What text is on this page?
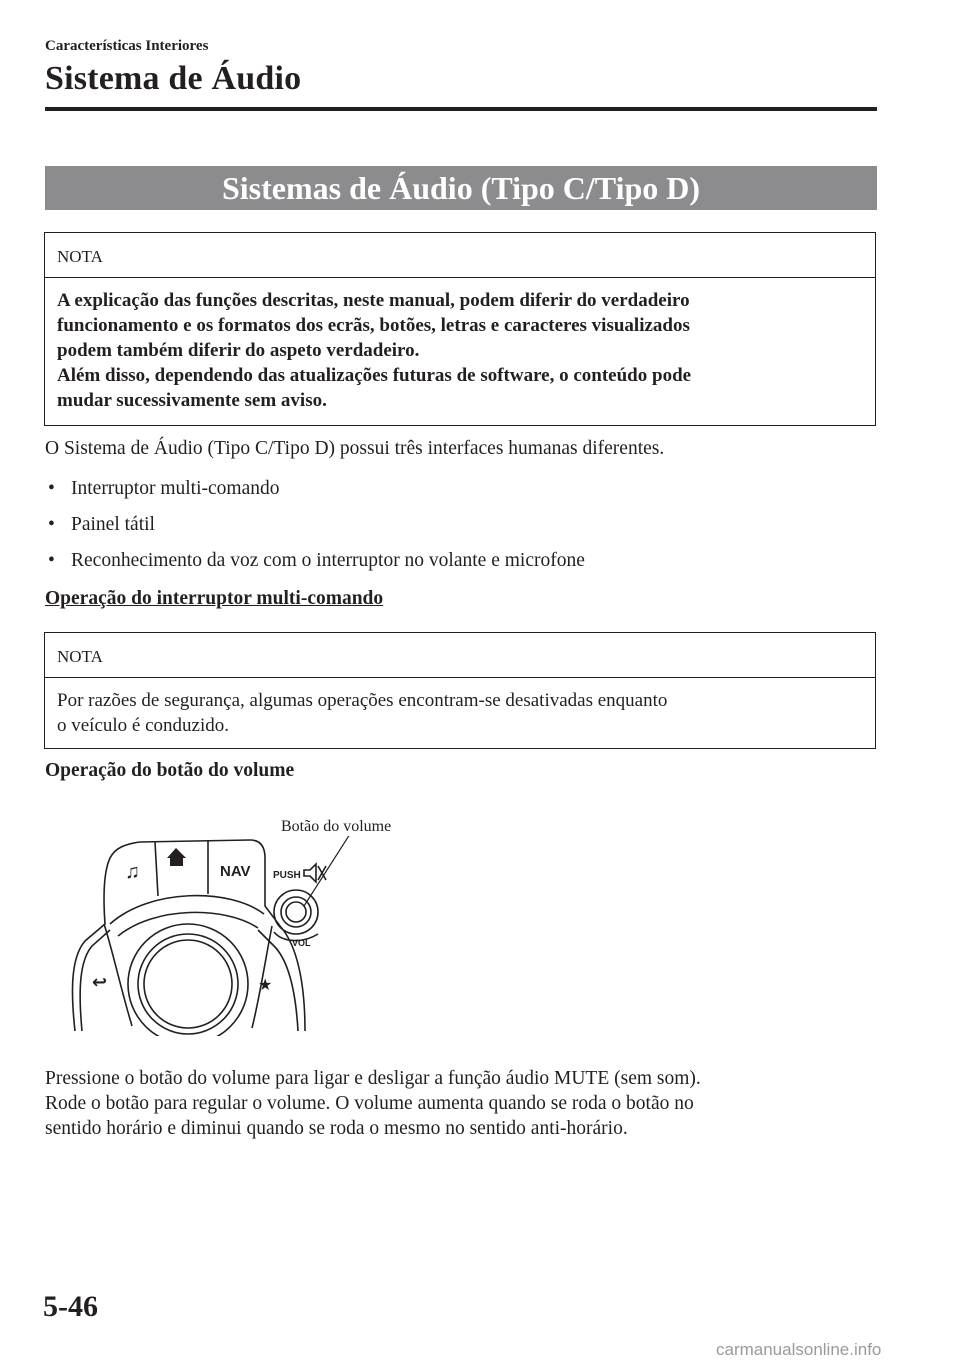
Características Interiores
Sistema de Áudio
Sistemas de Áudio (Tipo C/Tipo D)
NOTA
A explicação das funções descritas, neste manual, podem diferir do verdadeiro
funcionamento e os formatos dos ecrãs, botões, letras e caracteres visualizados
podem também diferir do aspeto verdadeiro.
Além disso, dependendo das atualizações futuras de software, o conteúdo pode
mudar sucessivamente sem aviso.
O Sistema de Áudio (Tipo C/Tipo D) possui três interfaces humanas diferentes.
• Interruptor multi-comando
• Painel tátil
• Reconhecimento da voz com o interruptor no volante e microfone
Operação do interruptor multi-comando
NOTA
Por razões de segurança, algumas operações encontram-se desativadas enquanto
o veículo é conduzido.
Operação do botão do volume
Botão do volume
♫	NAV PUSH
VOL
↩	★
Pressione o botão do volume para ligar e desligar a função áudio MUTE (sem som).
Rode o botão para regular o volume. O volume aumenta quando se roda o botão no
sentido horário e diminui quando se roda o mesmo no sentido anti-horário.
5-46
carmanualsonline.info
